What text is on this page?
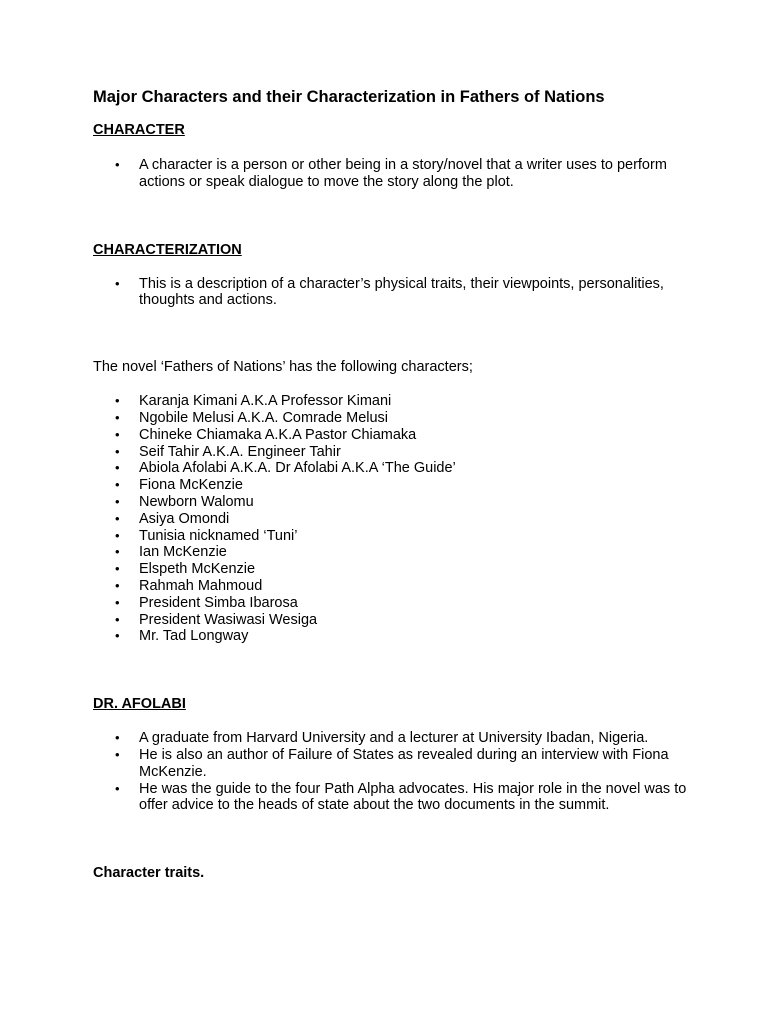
Major Characters and their Characterization in Fathers of Nations
CHARACTER
• A character is a person or other being in a story/novel that a writer uses to perform actions or speak dialogue to move the story along the plot.
CHARACTERIZATION
• This is a description of a character’s physical traits, their viewpoints, personalities, thoughts and actions.

The novel ‘Fathers of Nations’ has the following characters;

• Karanja Kimani A.K.A Professor Kimani
• Ngobile Melusi A.K.A. Comrade Melusi
• Chineke Chiamaka A.K.A Pastor Chiamaka
• Seif Tahir A.K.A. Engineer Tahir
• Abiola Afolabi A.K.A. Dr Afolabi A.K.A ‘The Guide’
• Fiona McKenzie
• Newborn Walomu
• Asiya Omondi
• Tunisia nicknamed ‘Tuni’
• Ian McKenzie
• Elspeth McKenzie
• Rahmah Mahmoud
• President Simba Ibarosa
• President Wasiwasi Wesiga
• Mr. Tad Longway
DR. AFOLABI
• A graduate from Harvard University and a lecturer at University Ibadan, Nigeria.
• He is also an author of Failure of States as revealed during an interview with Fiona McKenzie.
• He was the guide to the four Path Alpha advocates. His major role in the novel was to offer advice to the heads of state about the two documents in the summit.
Character traits.
